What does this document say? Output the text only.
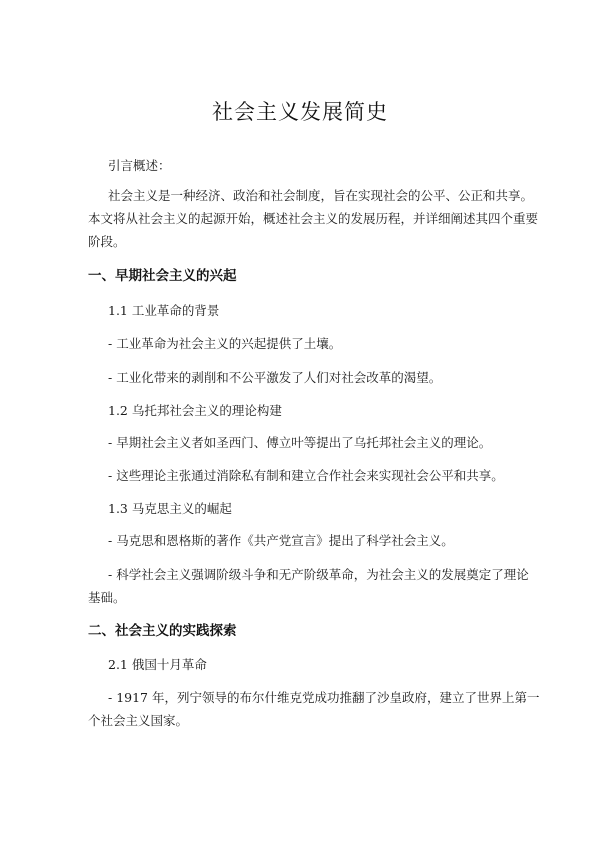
社会主义发展简史
引言概述：
社会主义是一种经济、政治和社会制度，旨在实现社会的公平、公正和共享。
本文将从社会主义的起源开始，概述社会主义的发展历程，并详细阐述其四个重要
阶段。
一、早期社会主义的兴起
1.1 工业革命的背景
- 工业革命为社会主义的兴起提供了土壤。
- 工业化带来的剥削和不公平激发了人们对社会改革的渴望。
1.2 乌托邦社会主义的理论构建
- 早期社会主义者如圣西门、傅立叶等提出了乌托邦社会主义的理论。
- 这些理论主张通过消除私有制和建立合作社会来实现社会公平和共享。
1.3 马克思主义的崛起
- 马克思和恩格斯的著作《共产党宣言》提出了科学社会主义。
- 科学社会主义强调阶级斗争和无产阶级革命，为社会主义的发展奠定了理论
基础。
二、社会主义的实践探索
2.1 俄国十月革命
- 1917 年，列宁领导的布尔什维克党成功推翻了沙皇政府，建立了世界上第一
个社会主义国家。
